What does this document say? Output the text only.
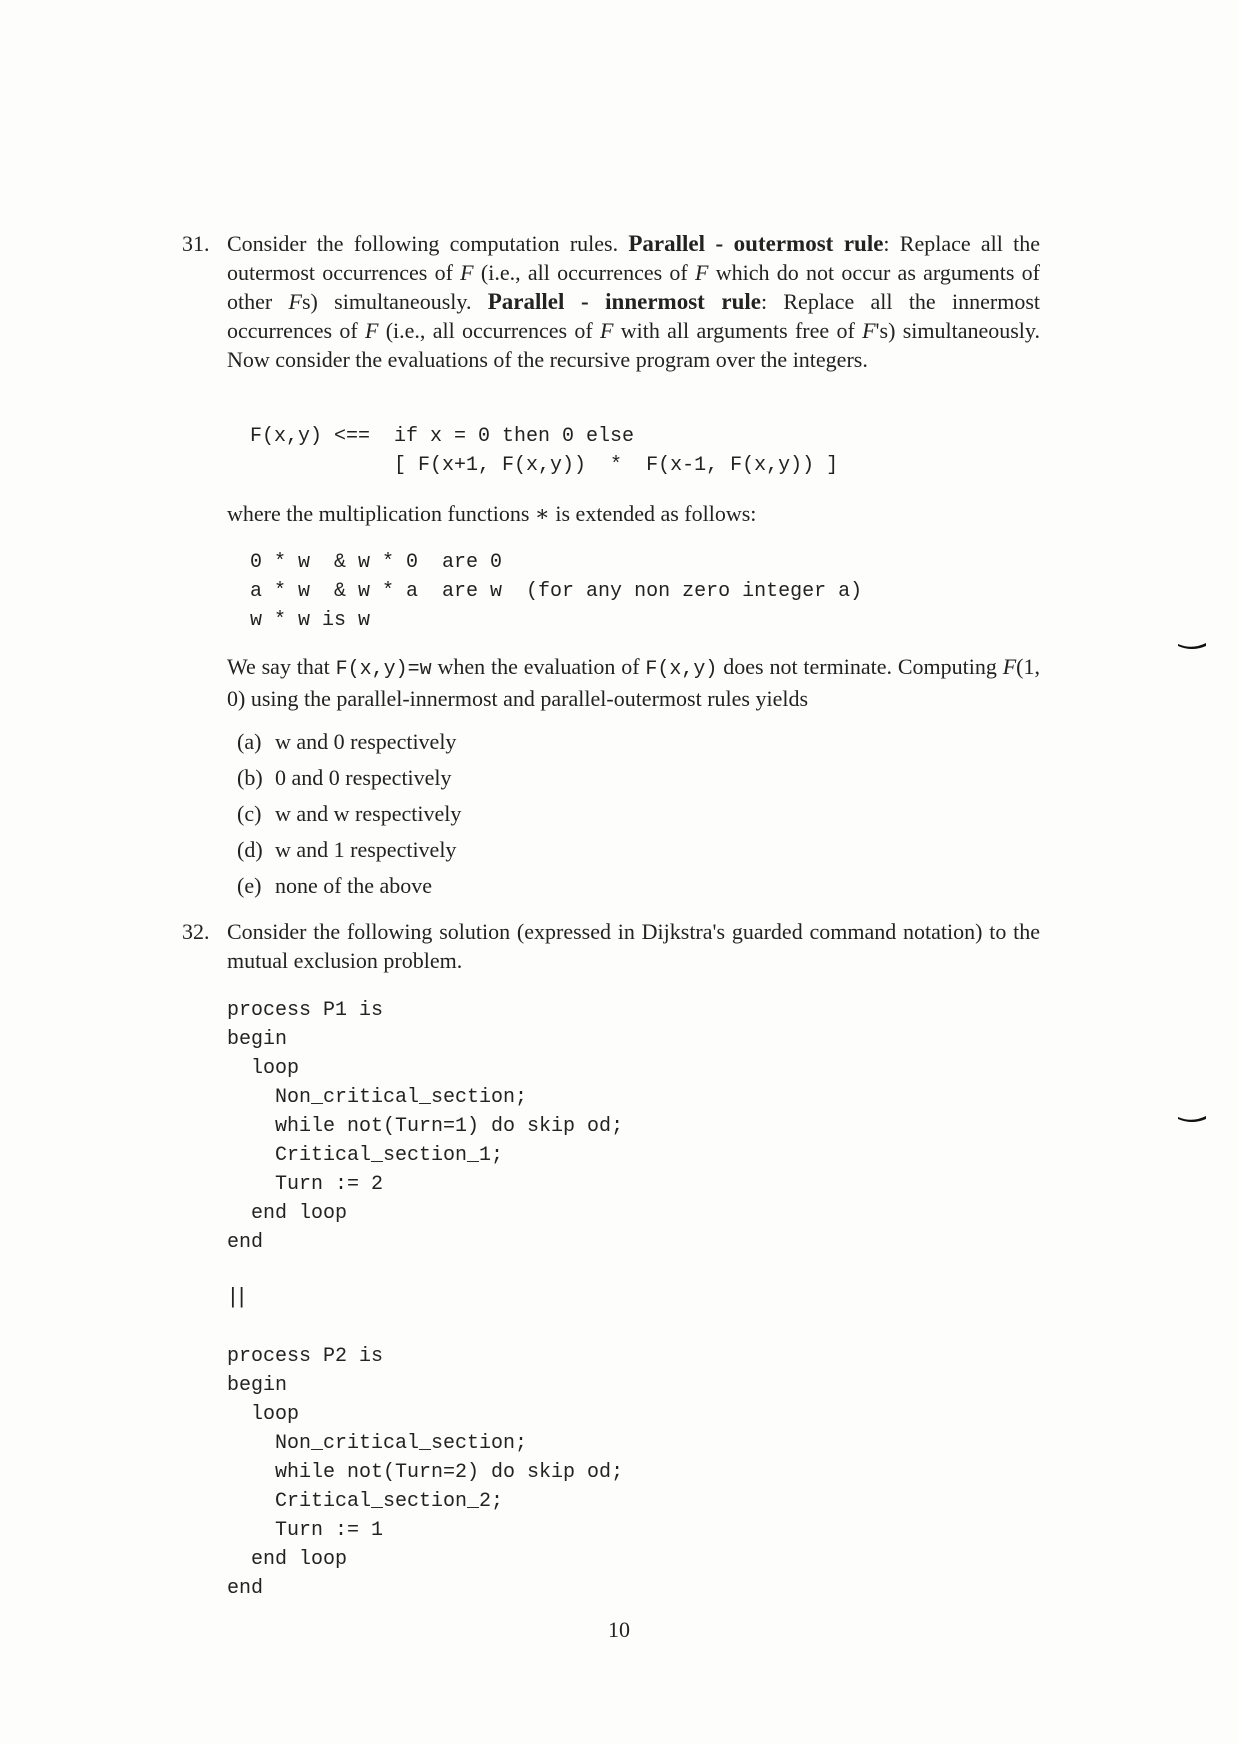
31. Consider the following computation rules. Parallel - outermost rule: Replace all the outermost occurrences of F (i.e., all occurrences of F which do not occur as arguments of other Fs) simultaneously. Parallel - innermost rule: Replace all the innermost occurrences of F (i.e., all occurrences of F with all arguments free of F's) simultaneously. Now consider the evaluations of the recursive program over the integers.
F(x,y) <==  if x = 0 then 0 else
[ F(x+1, F(x,y))  *  F(x-1, F(x,y)) ]
where the multiplication functions ∗ is extended as follows:
0 * w  & w * 0  are 0
a * w  & w * a  are w  (for any non zero integer a)
w * w is w
We say that F(x,y)=w when the evaluation of F(x,y) does not terminate. Computing F(1, 0) using the parallel-innermost and parallel-outermost rules yields
(a) w and 0 respectively
(b) 0 and 0 respectively
(c) w and w respectively
(d) w and 1 respectively
(e) none of the above
32. Consider the following solution (expressed in Dijkstra's guarded command notation) to the mutual exclusion problem.
process P1 is
begin
loop
Non_critical_section;
while not(Turn=1) do skip od;
Critical_section_1;
Turn := 2
end loop
end
||
process P2 is
begin
loop
Non_critical_section;
while not(Turn=2) do skip od;
Critical_section_2;
Turn := 1
end loop
end
10
